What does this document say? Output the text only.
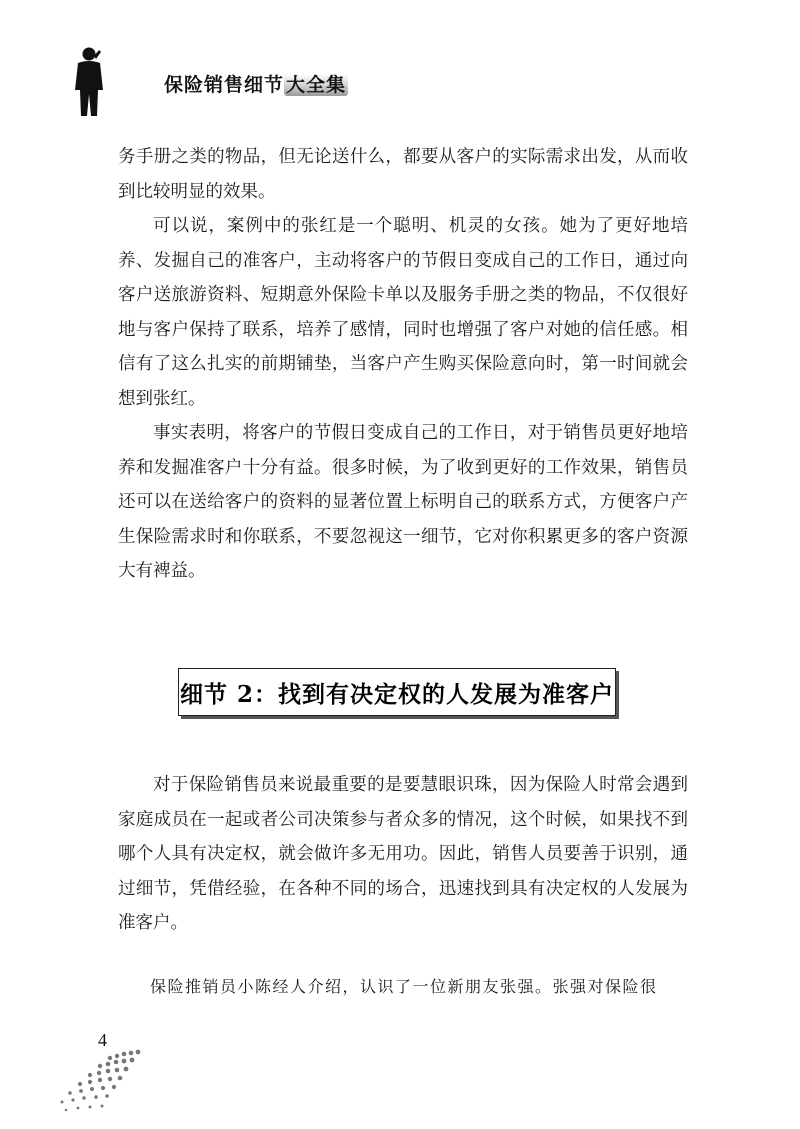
保险销售细节 大全集

务手册之类的物品，但无论送什么，都要从客户的实际需求出发，从而收到比较明显的效果。

可以说，案例中的张红是一个聪明、机灵的女孩。她为了更好地培养、发掘自己的准客户，主动将客户的节假日变成自己的工作日，通过向客户送旅游资料、短期意外保险卡单以及服务手册之类的物品，不仅很好地与客户保持了联系，培养了感情，同时也增强了客户对她的信任感。相信有了这么扎实的前期铺垫，当客户产生购买保险意向时，第一时间就会想到张红。

事实表明，将客户的节假日变成自己的工作日，对于销售员更好地培养和发掘准客户十分有益。很多时候，为了收到更好的工作效果，销售员还可以在送给客户的资料的显著位置上标明自己的联系方式，方便客户产生保险需求时和你联系，不要忽视这一细节，它对你积累更多的客户资源大有裨益。

细节 2：找到有决定权的人发展为准客户

对于保险销售员来说最重要的是要慧眼识珠，因为保险人时常会遇到家庭成员在一起或者公司决策参与者众多的情况，这个时候，如果找不到哪个人具有决定权，就会做许多无用功。因此，销售人员要善于识别，通过细节，凭借经验，在各种不同的场合，迅速找到具有决定权的人发展为准客户。

保险推销员小陈经人介绍，认识了一位新朋友张强。张强对保险很

4
